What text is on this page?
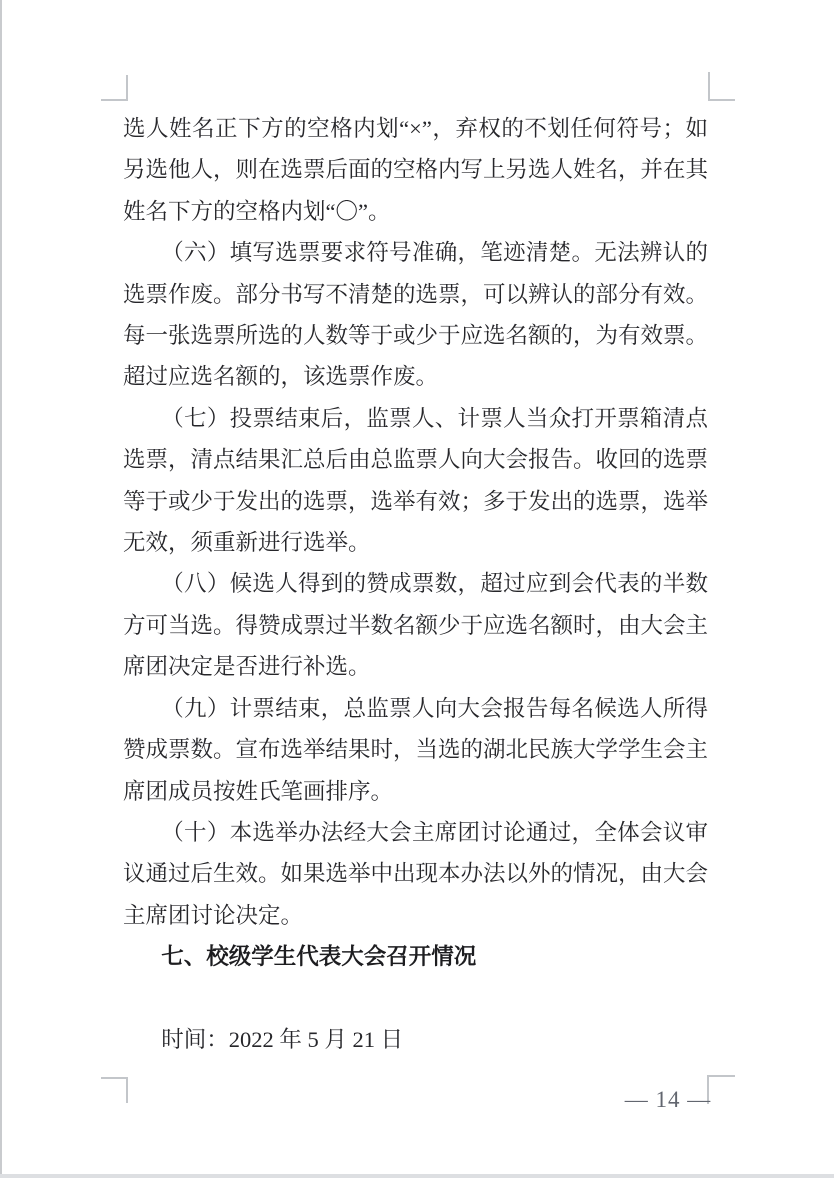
选人姓名正下方的空格内划“×”，弃权的不划任何符号；如另选他人，则在选票后面的空格内写上另选人姓名，并在其姓名下方的空格内划“〇”。

（六）填写选票要求符号准确，笔迹清楚。无法辨认的选票作废。部分书写不清楚的选票，可以辨认的部分有效。每一张选票所选的人数等于或少于应选名额的，为有效票。超过应选名额的，该选票作废。

（七）投票结束后，监票人、计票人当众打开票箱清点选票，清点结果汇总后由总监票人向大会报告。收回的选票等于或少于发出的选票，选举有效；多于发出的选票，选举无效，须重新进行选举。

（八）候选人得到的赞成票数，超过应到会代表的半数方可当选。得赞成票过半数名额少于应选名额时，由大会主席团决定是否进行补选。

（九）计票结束，总监票人向大会报告每名候选人所得赞成票数。宣布选举结果时，当选的湖北民族大学学生会主席团成员按姓氏笔画排序。

（十）本选举办法经大会主席团讨论通过，全体会议审议通过后生效。如果选举中出现本办法以外的情况，由大会主席团讨论决定。

七、校级学生代表大会召开情况

时间：2022 年 5 月 21 日

— 14 —
